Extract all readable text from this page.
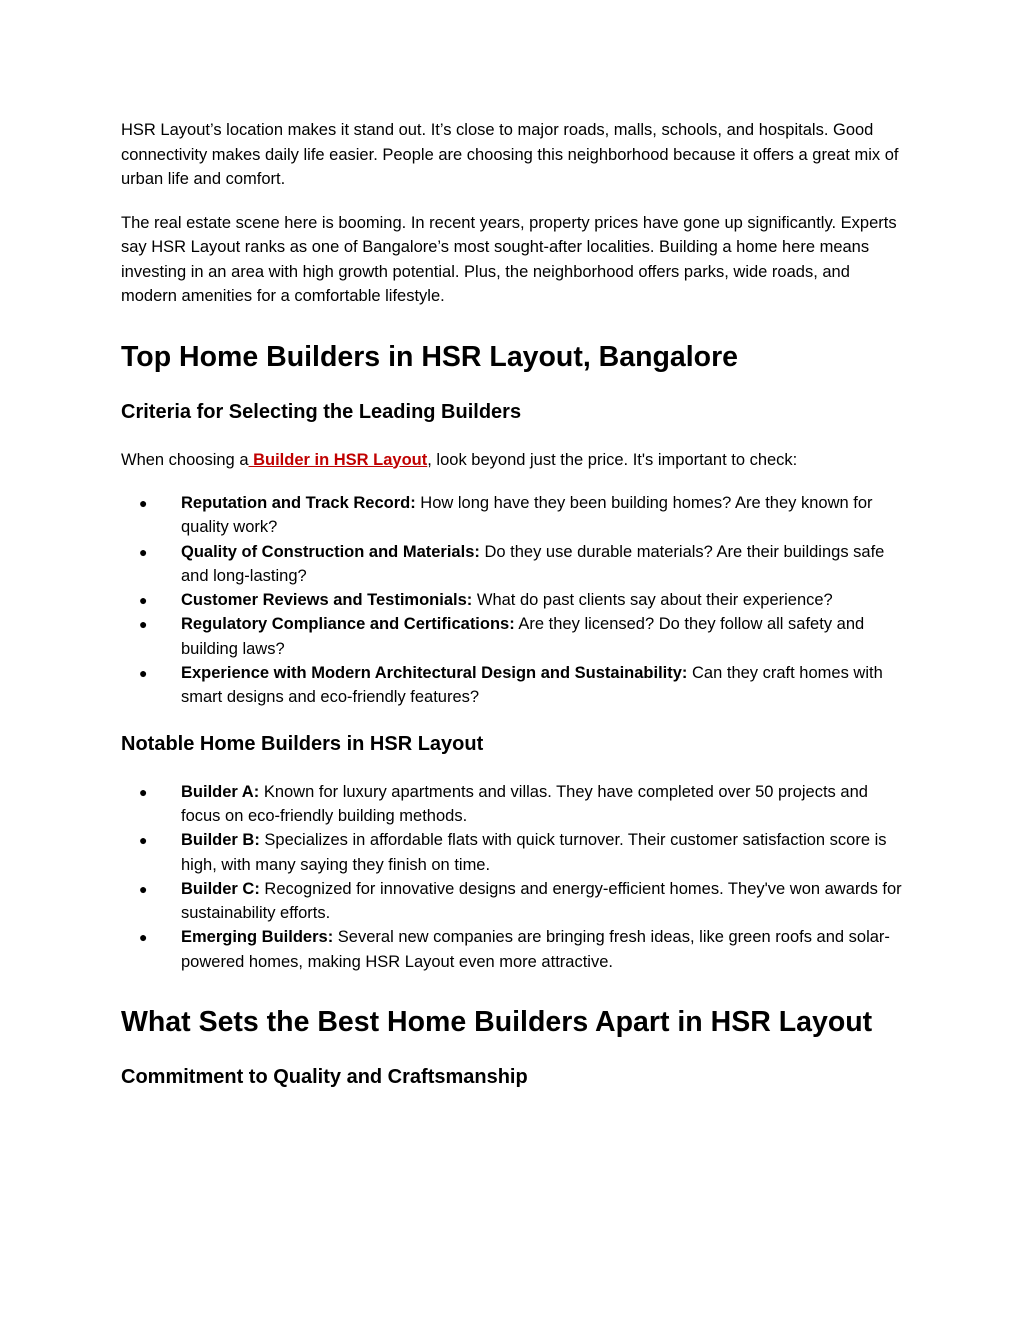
HSR Layout’s location makes it stand out. It’s close to major roads, malls, schools, and hospitals. Good connectivity makes daily life easier. People are choosing this neighborhood because it offers a great mix of urban life and comfort.

The real estate scene here is booming. In recent years, property prices have gone up significantly. Experts say HSR Layout ranks as one of Bangalore’s most sought-after localities. Building a home here means investing in an area with high growth potential. Plus, the neighborhood offers parks, wide roads, and modern amenities for a comfortable lifestyle.

Top Home Builders in HSR Layout, Bangalore
Criteria for Selecting the Leading Builders

When choosing a Builder in HSR Layout, look beyond just the price. It's important to check:

● Reputation and Track Record: How long have they been building homes? Are they known for quality work?
● Quality of Construction and Materials: Do they use durable materials? Are their buildings safe and long-lasting?
● Customer Reviews and Testimonials: What do past clients say about their experience?
● Regulatory Compliance and Certifications: Are they licensed? Do they follow all safety and building laws?
● Experience with Modern Architectural Design and Sustainability: Can they craft homes with smart designs and eco-friendly features?
Notable Home Builders in HSR Layout
● Builder A: Known for luxury apartments and villas. They have completed over 50 projects and focus on eco-friendly building methods.
● Builder B: Specializes in affordable flats with quick turnover. Their customer satisfaction score is high, with many saying they finish on time.
● Builder C: Recognized for innovative designs and energy-efficient homes. They've won awards for sustainability efforts.
● Emerging Builders: Several new companies are bringing fresh ideas, like green roofs and solar-powered homes, making HSR Layout even more attractive.
What Sets the Best Home Builders Apart in HSR Layout
Commitment to Quality and Craftsmanship
